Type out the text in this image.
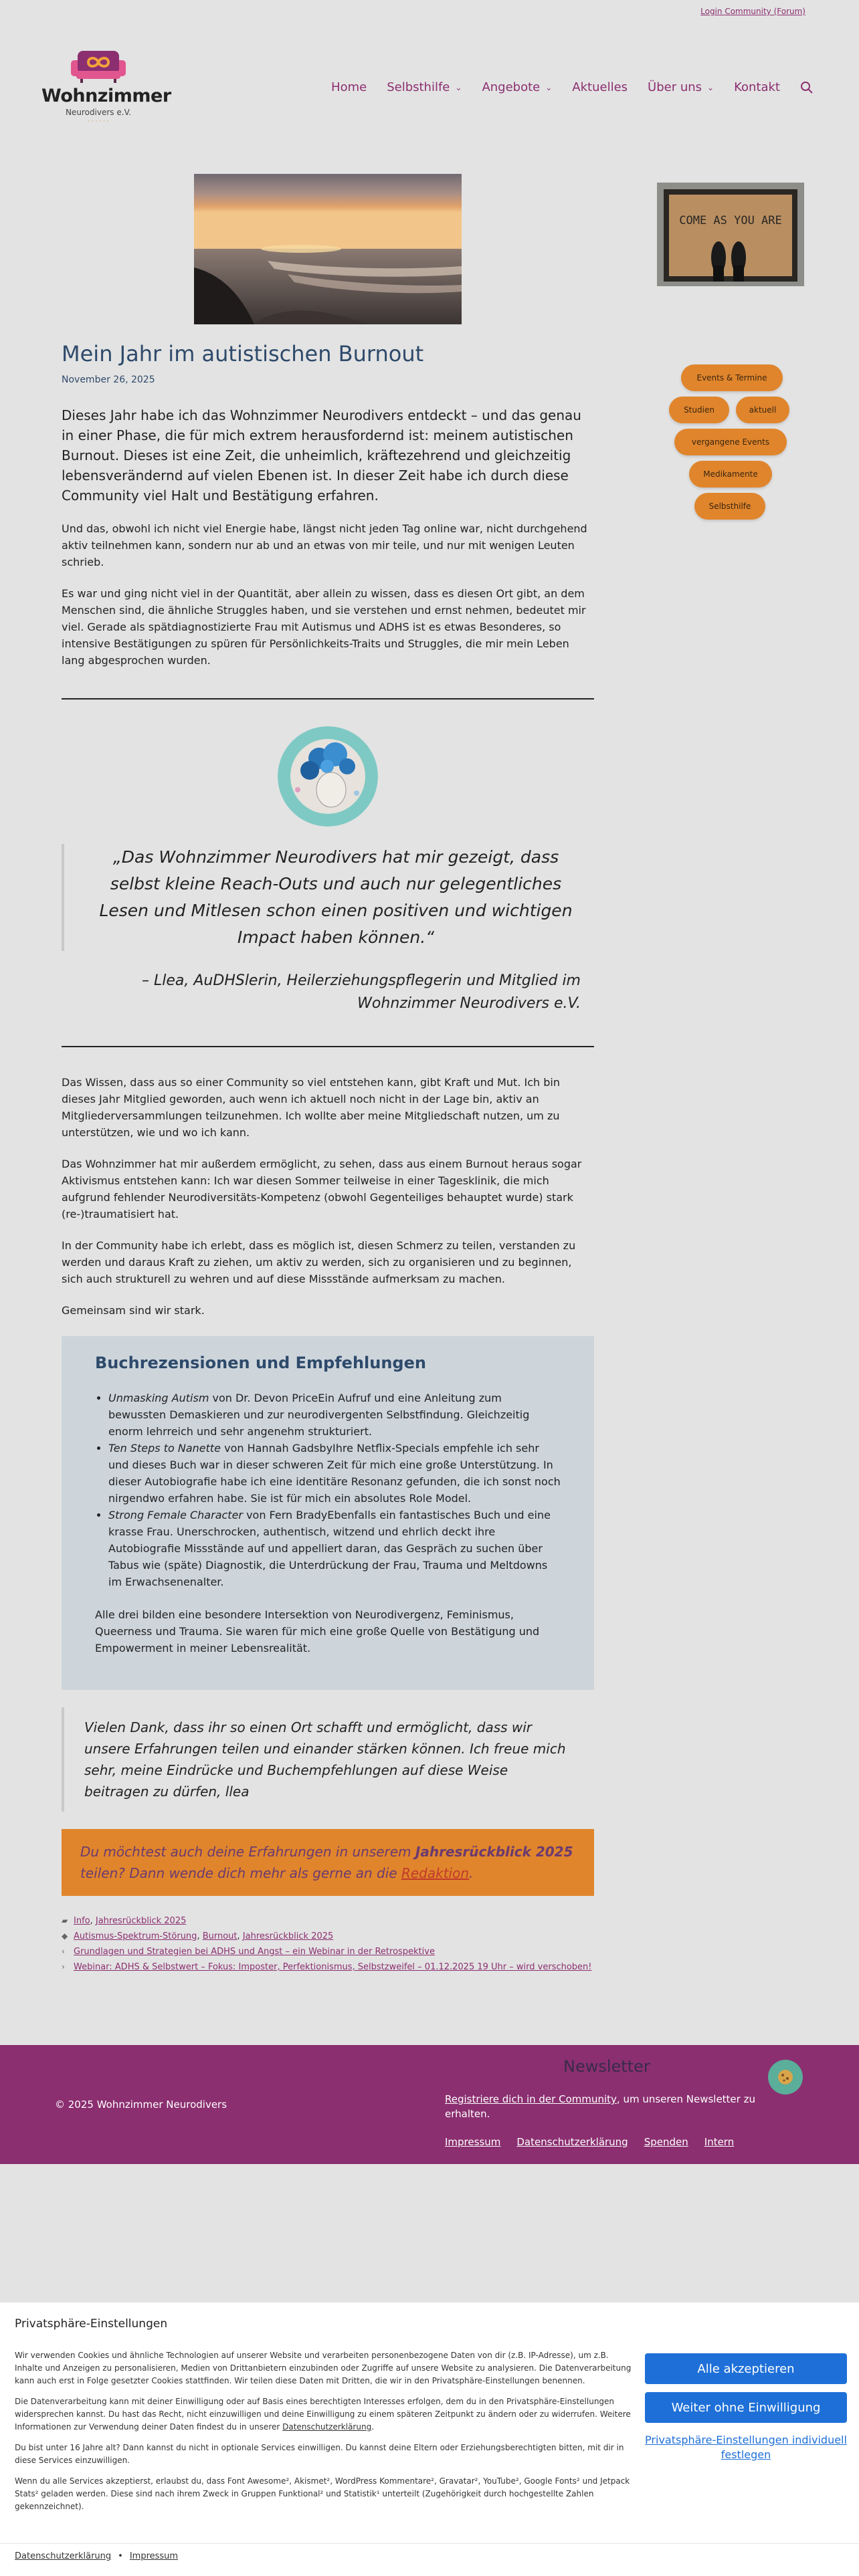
Login Community (Forum)
Wohnzimmer
Neurodivers e.V.
· · · · · ·
Home Selbsthilfe ⌄ Angebote ⌄ Aktuelles Über uns ⌄ Kontakt
COME AS YOU ARE
Events & Termine
Studien	aktuell
vergangene Events
Medikamente
Selbsthilfe
Mein Jahr im autistischen Burnout
November 26, 2025
Dieses Jahr habe ich das Wohnzimmer Neurodivers entdeckt – und das genau in einer Phase, die für mich extrem herausfordernd ist: meinem autistischen Burnout. Dieses ist eine Zeit, die unheimlich, kräftezehrend und gleichzeitig lebensverändernd auf vielen Ebenen ist. In dieser Zeit habe ich durch diese Community viel Halt und Bestätigung erfahren.
Und das, obwohl ich nicht viel Energie habe, längst nicht jeden Tag online war, nicht durchgehend aktiv teilnehmen kann, sondern nur ab und an etwas von mir teile, und nur mit wenigen Leuten schrieb.
Es war und ging nicht viel in der Quantität, aber allein zu wissen, dass es diesen Ort gibt, an dem Menschen sind, die ähnliche Struggles haben, und sie verstehen und ernst nehmen, bedeutet mir viel. Gerade als spätdiagnostizierte Frau mit Autismus und ADHS ist es etwas Besonderes, so intensive Bestätigungen zu spüren für Persönlichkeits-Traits und Struggles, die mir mein Leben lang abgesprochen wurden.
„Das Wohnzimmer Neurodivers hat mir gezeigt, dass selbst kleine Reach-Outs und auch nur gelegentliches Lesen und Mitlesen schon einen positiven und wichtigen Impact haben können.“
– Llea, AuDHSlerin, Heilerziehungspflegerin und Mitglied im Wohnzimmer Neurodivers e.V.
Das Wissen, dass aus so einer Community so viel entstehen kann, gibt Kraft und Mut. Ich bin dieses Jahr Mitglied geworden, auch wenn ich aktuell noch nicht in der Lage bin, aktiv an Mitgliederversammlungen teilzunehmen. Ich wollte aber meine Mitgliedschaft nutzen, um zu unterstützen, wie und wo ich kann.
Das Wohnzimmer hat mir außerdem ermöglicht, zu sehen, dass aus einem Burnout heraus sogar Aktivismus entstehen kann: Ich war diesen Sommer teilweise in einer Tagesklinik, die mich aufgrund fehlender Neurodiversitäts-Kompetenz (obwohl Gegenteiliges behauptet wurde) stark (re-)traumatisiert hat.
In der Community habe ich erlebt, dass es möglich ist, diesen Schmerz zu teilen, verstanden zu werden und daraus Kraft zu ziehen, um aktiv zu werden, sich zu organisieren und zu beginnen, sich auch strukturell zu wehren und auf diese Missstände aufmerksam zu machen.
Gemeinsam sind wir stark.
Buchrezensionen und Empfehlungen
• Unmasking Autism von Dr. Devon PriceEin Aufruf und eine Anleitung zum bewussten Demaskieren und zur neurodivergenten Selbstfindung. Gleichzeitig enorm lehrreich und sehr angenehm strukturiert.
• Ten Steps to Nanette von Hannah GadsbyIhre Netflix-Specials empfehle ich sehr und dieses Buch war in dieser schweren Zeit für mich eine große Unterstützung. In dieser Autobiografie habe ich eine identitäre Resonanz gefunden, die ich sonst noch nirgendwo erfahren habe. Sie ist für mich ein absolutes Role Model.
• Strong Female Character von Fern BradyEbenfalls ein fantastisches Buch und eine krasse Frau. Unerschrocken, authentisch, witzend und ehrlich deckt ihre Autobiografie Missstände auf und appelliert daran, das Gespräch zu suchen über Tabus wie (späte) Diagnostik, die Unterdrückung der Frau, Trauma und Meltdowns im Erwachsenenalter.
Alle drei bilden eine besondere Intersektion von Neurodivergenz, Feminismus, Queerness und Trauma. Sie waren für mich eine große Quelle von Bestätigung und Empowerment in meiner Lebensrealität.
Vielen Dank, dass ihr so einen Ort schafft und ermöglicht, dass wir unsere Erfahrungen teilen und einander stärken können. Ich freue mich sehr, meine Eindrücke und Buchempfehlungen auf diese Weise beitragen zu dürfen, llea
Du möchtest auch deine Erfahrungen in unserem Jahresrückblick 2025 teilen? Dann wende dich mehr als gerne an die Redaktion.
▰ Info, Jahresrückblick 2025
◆ Autismus-Spektrum-Störung, Burnout, Jahresrückblick 2025
‹ Grundlagen und Strategien bei ADHS und Angst – ein Webinar in der Retrospektive
› Webinar: ADHS & Selbstwert – Fokus: Imposter, Perfektionismus, Selbstzweifel – 01.12.2025 19 Uhr – wird verschoben!
© 2025 Wohnzimmer Neurodivers
Newsletter
Registriere dich in der Community, um unseren Newsletter zu erhalten.
Impressum Datenschutzerklärung Spenden Intern
Privatsphäre-Einstellungen

Wir verwenden Cookies und ähnliche Technologien auf unserer Website und verarbeiten personenbezogene Daten von dir (z.B. IP-Adresse), um z.B. Inhalte und Anzeigen zu personalisieren, Medien von Drittanbietern einzubinden oder Zugriffe auf unsere Website zu analysieren. Die Datenverarbeitung kann auch erst in Folge gesetzter Cookies stattfinden. Wir teilen diese Daten mit Dritten, die wir in den Privatsphäre-Einstellungen benennen.

Die Datenverarbeitung kann mit deiner Einwilligung oder auf Basis eines berechtigten Interesses erfolgen, dem du in den Privatsphäre-Einstellungen widersprechen kannst. Du hast das Recht, nicht einzuwilligen und deine Einwilligung zu einem späteren Zeitpunkt zu ändern oder zu widerrufen. Weitere Informationen zur Verwendung deiner Daten findest du in unserer Datenschutzerklärung.

Du bist unter 16 Jahre alt? Dann kannst du nicht in optionale Services einwilligen. Du kannst deine Eltern oder Erziehungsberechtigten bitten, mit dir in diese Services einzuwilligen.

Wenn du alle Services akzeptierst, erlaubst du, dass Font Awesome², Akismet², WordPress Kommentare², Gravatar², YouTube², Google Fonts² und Jetpack Stats² geladen werden. Diese sind nach ihrem Zweck in Gruppen Funktional² und Statistik¹ unterteilt (Zugehörigkeit durch hochgestellte Zahlen gekennzeichnet).

Alle akzeptieren
Weiter ohne Einwilligung
Privatsphäre-Einstellungen individuell festlegen
Datenschutzerklärung • Impressum
